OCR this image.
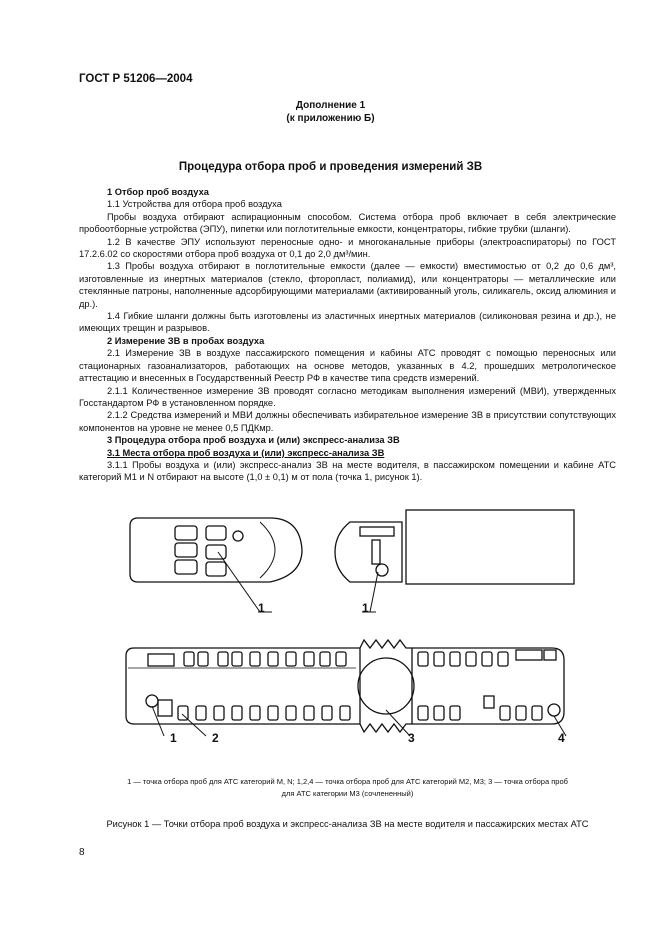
ГОСТ Р 51206—2004
Дополнение 1
(к приложению Б)
Процедура отбора проб и проведения измерений ЗВ

1 Отбор проб воздуха

1.1 Устройства для отбора проб воздуха

Пробы воздуха отбирают аспирационным способом. Система отбора проб включает в себя электрические пробоотборные устройства (ЭПУ), пипетки или поглотительные емкости, концентраторы, гибкие трубки (шланги).

1.2 В качестве ЭПУ используют переносные одно- и многоканальные приборы (электроаспираторы) по ГОСТ 17.2.6.02 со скоростями отбора проб воздуха от 0,1 до 2,0 дм³/мин.

1.3 Пробы воздуха отбирают в поглотительные емкости (далее — емкости) вместимостью от 0,2 до 0,6 дм³, изготовленные из инертных материалов (стекло, фторопласт, полиамид), или концентраторы — металлические или стеклянные патроны, наполненные адсорбирующими материалами (активированный уголь, силикагель, оксид алюминия и др.).

1.4 Гибкие шланги должны быть изготовлены из эластичных инертных материалов (силиконовая резина и др.), не имеющих трещин и разрывов.

2 Измерение ЗВ в пробах воздуха

2.1 Измерение ЗВ в воздухе пассажирского помещения и кабины АТС проводят с помощью переносных или стационарных газоанализаторов, работающих на основе методов, указанных в 4.2, прошедших метрологическое аттестацию и внесенных в Государственный Реестр РФ в качестве типа средств измерений.

2.1.1 Количественное измерение ЗВ проводят согласно методикам выполнения измерений (МВИ), утвержденных Госстандартом РФ в установленном порядке.

2.1.2 Средства измерений и МВИ должны обеспечивать избирательное измерение ЗВ в присутствии сопутствующих компонентов на уровне не менее 0,5 ПДКмр.

3 Процедура отбора проб воздуха и (или) экспресс-анализа ЗВ

3.1 Места отбора проб воздуха и (или) экспресс-анализа ЗВ

3.1.1 Пробы воздуха и (или) экспресс-анализ ЗВ на месте водителя, в пассажирском помещении и кабине АТС категорий M1 и N отбирают на высоте (1,0 ± 0,1) м от пола (точка 1, рисунок 1).

1	1
1	2	3	4
1 — точка отбора проб для АТС категорий M, N; 1,2,4 — точка отбора проб для АТС категорий M2, M3; 3 — точка отбора проб
для АТС категории M3 (сочлененный)
Рисунок 1 — Точки отбора проб воздуха и экспресс-анализа ЗВ на месте водителя и пассажирских местах АТС
8
